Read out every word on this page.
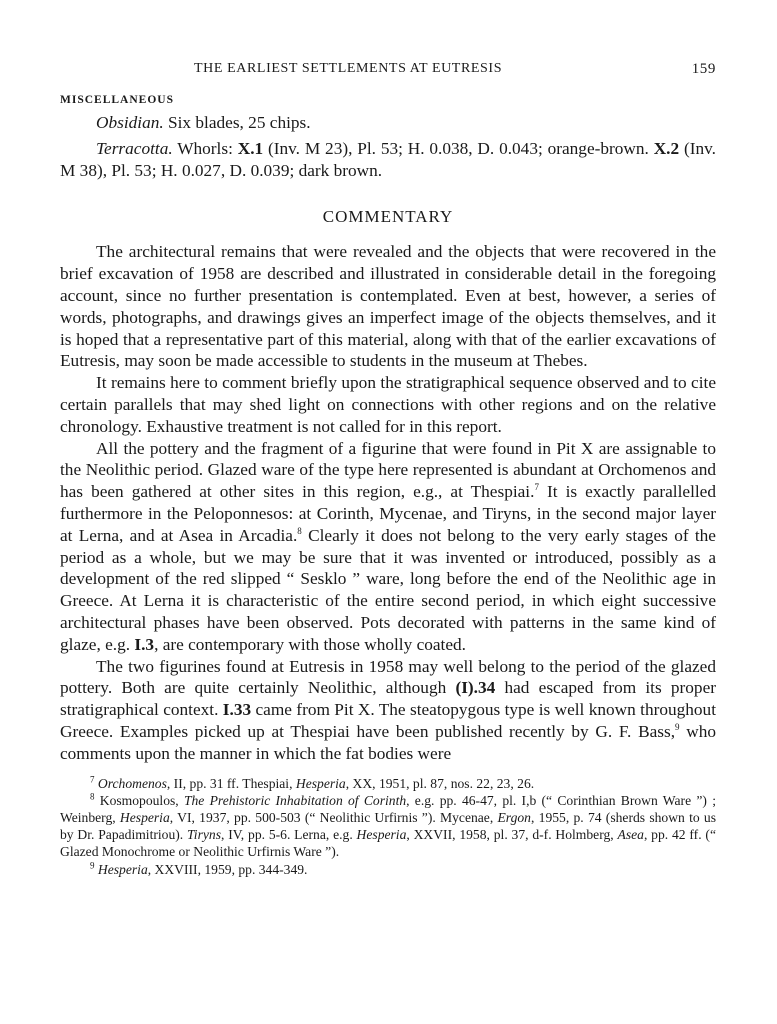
THE EARLIEST SETTLEMENTS AT EUTRESIS	159
MISCELLANEOUS

Obsidian. Six blades, 25 chips.

Terracotta. Whorls: X.1 (Inv. M 23), Pl. 53; H. 0.038, D. 0.043; orange-brown. X.2 (Inv. M 38), Pl. 53; H. 0.027, D. 0.039; dark brown.

COMMENTARY

The architectural remains that were revealed and the objects that were recovered in the brief excavation of 1958 are described and illustrated in considerable detail in the foregoing account, since no further presentation is contemplated. Even at best, however, a series of words, photographs, and drawings gives an imperfect image of the objects themselves, and it is hoped that a representative part of this material, along with that of the earlier excavations of Eutresis, may soon be made accessible to students in the museum at Thebes.

It remains here to comment briefly upon the stratigraphical sequence observed and to cite certain parallels that may shed light on connections with other regions and on the relative chronology. Exhaustive treatment is not called for in this report.

All the pottery and the fragment of a figurine that were found in Pit X are assignable to the Neolithic period. Glazed ware of the type here represented is abundant at Orchomenos and has been gathered at other sites in this region, e.g., at Thespiai.$^7$ It is exactly parallelled furthermore in the Peloponnesos: at Corinth, Mycenae, and Tiryns, in the second major layer at Lerna, and at Asea in Arcadia.$^8$ Clearly it does not belong to the very early stages of the period as a whole, but we may be sure that it was invented or introduced, possibly as a development of the red slipped “ Sesklo ” ware, long before the end of the Neolithic age in Greece. At Lerna it is characteristic of the entire second period, in which eight successive architectural phases have been observed. Pots decorated with patterns in the same kind of glaze, e.g. I.3, are contemporary with those wholly coated.

The two figurines found at Eutresis in 1958 may well belong to the period of the glazed pottery. Both are quite certainly Neolithic, although (I).34 had escaped from its proper stratigraphical context. I.33 came from Pit X. The steatopygous type is well known throughout Greece. Examples picked up at Thespiai have been published recently by G. F. Bass,$^9$ who comments upon the manner in which the fat bodies were

$^7$ Orchomenos, II, pp. 31 ff. Thespiai, Hesperia, XX, 1951, pl. 87, nos. 22, 23, 26.

$^8$ Kosmopoulos, The Prehistoric Inhabitation of Corinth, e.g. pp. 46-47, pl. I,b (“ Corinthian Brown Ware ”) ; Weinberg, Hesperia, VI, 1937, pp. 500-503 (“ Neolithic Urfirnis ”). Mycenae, Ergon, 1955, p. 74 (sherds shown to us by Dr. Papadimitriou). Tiryns, IV, pp. 5-6. Lerna, e.g. Hesperia, XXVII, 1958, pl. 37, d-f. Holmberg, Asea, pp. 42 ff. (“ Glazed Monochrome or Neolithic Urfirnis Ware ”).

$^9$ Hesperia, XXVIII, 1959, pp. 344-349.
